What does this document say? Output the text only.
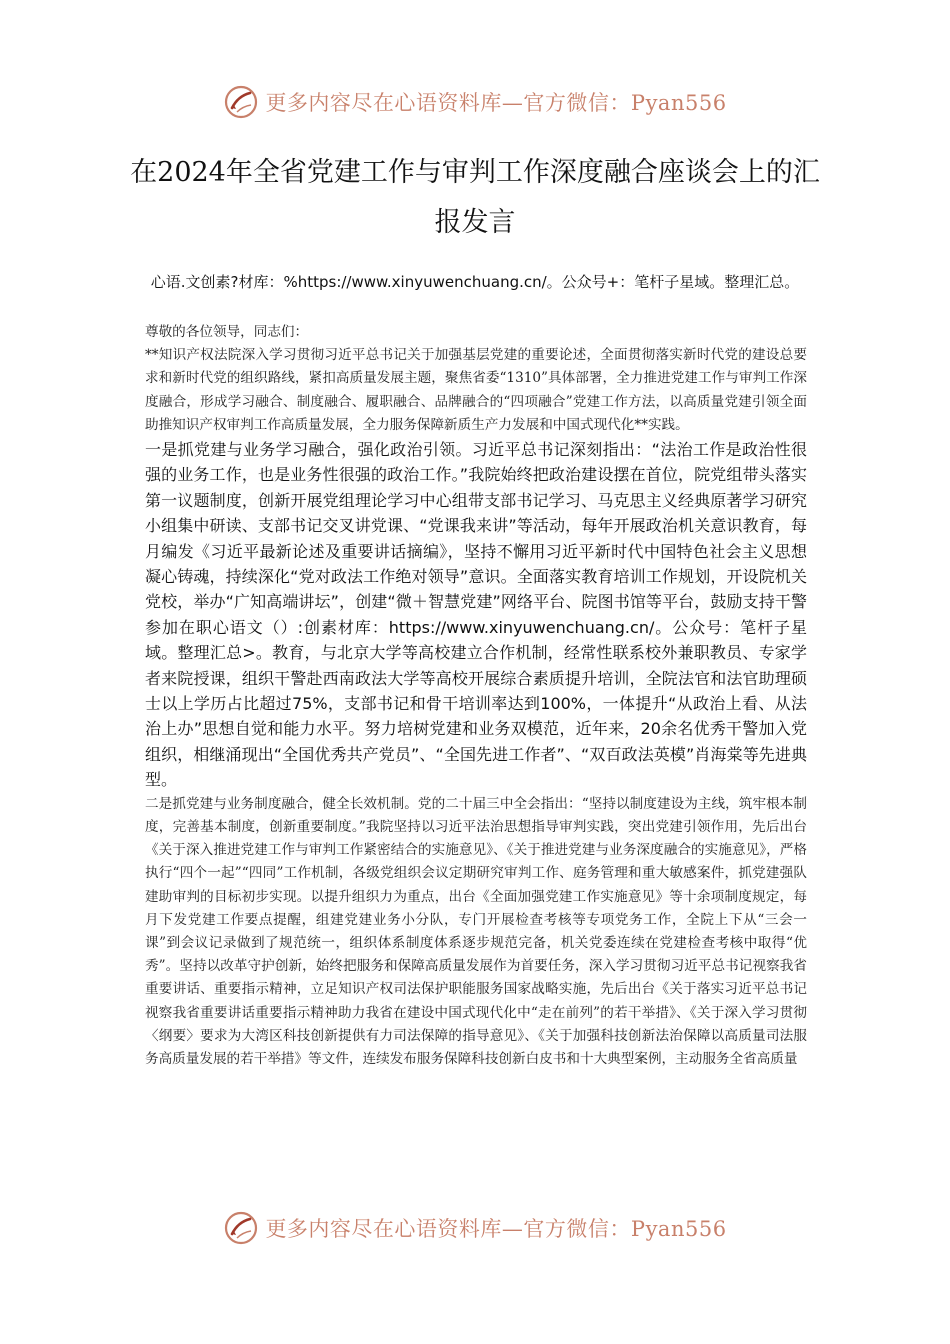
更多内容尽在心语资料库—官方微信：Pyan556
在2024年全省党建工作与审判工作深度融合座谈会上的汇报发言
心语.文创素?材库：%https://www.xinyuwenchuang.cn/。公众号+：笔杆子星域。整理汇总。

尊敬的各位领导，同志们：

**知识产权法院深入学习贯彻习近平总书记关于加强基层党建的重要论述，全面贯彻落实新时代党的建设总要求和新时代党的组织路线，紧扣高质量发展主题，聚焦省委“1310”具体部署，全力推进党建工作与审判工作深度融合，形成学习融合、制度融合、履职融合、品牌融合的“四项融合”党建工作方法，以高质量党建引领全面助推知识产权审判工作高质量发展，全力服务保障新质生产力发展和中国式现代化**实践。

一是抓党建与业务学习融合，强化政治引领。习近平总书记深刻指出：“法治工作是政治性很强的业务工作，也是业务性很强的政治工作。”我院始终把政治建设摆在首位，院党组带头落实第一议题制度，创新开展党组理论学习中心组带支部书记学习、马克思主义经典原著学习研究小组集中研读、支部书记交叉讲党课、“党课我来讲”等活动，每年开展政治机关意识教育，每月编发《习近平最新论述及重要讲话摘编》，坚持不懈用习近平新时代中国特色社会主义思想凝心铸魂，持续深化“党对政法工作绝对领导”意识。全面落实教育培训工作规划，开设院机关党校，举办“广知高端讲坛”，创建“微＋智慧党建”网络平台、院图书馆等平台，鼓励支持干警参加在职心语文（）:创素材库：https://www.xinyuwenchuang.cn/。公众号：笔杆子星域。整理汇总>。教育，与北京大学等高校建立合作机制，经常性联系校外兼职教员、专家学者来院授课，组织干警赴西南政法大学等高校开展综合素质提升培训，全院法官和法官助理硕士以上学历占比超过75%，支部书记和骨干培训率达到100%，一体提升“从政治上看、从法治上办”思想自觉和能力水平。努力培树党建和业务双模范，近年来，20余名优秀干警加入党组织，相继涌现出“全国优秀共产党员”、“全国先进工作者”、“双百政法英模”肖海棠等先进典型。

二是抓党建与业务制度融合，健全长效机制。党的二十届三中全会指出：“坚持以制度建设为主线，筑牢根本制度，完善基本制度，创新重要制度。”我院坚持以习近平法治思想指导审判实践，突出党建引领作用，先后出台《关于深入推进党建工作与审判工作紧密结合的实施意见》、《关于推进党建与业务深度融合的实施意见》，严格执行“四个一起”“四同”工作机制，各级党组织会议定期研究审判工作、庭务管理和重大敏感案件，抓党建强队建助审判的目标初步实现。以提升组织力为重点，出台《全面加强党建工作实施意见》等十余项制度规定，每月下发党建工作要点提醒，组建党建业务小分队，专门开展检查考核等专项党务工作，全院上下从“三会一课”到会议记录做到了规范统一，组织体系制度体系逐步规范完备，机关党委连续在党建检查考核中取得“优秀”。坚持以改革守护创新，始终把服务和保障高质量发展作为首要任务，深入学习贯彻习近平总书记视察我省重要讲话、重要指示精神，立足知识产权司法保护职能服务国家战略实施，先后出台《关于落实习近平总书记视察我省重要讲话重要指示精神助力我省在建设中国式现代化中“走在前列”的若干举措》、《关于深入学习贯彻〈纲要〉要求为大湾区科技创新提供有力司法保障的指导意见》、《关于加强科技创新法治保障以高质量司法服务高质量发展的若干举措》等文件，连续发布服务保障科技创新白皮书和十大典型案例，主动服务全省高质量

更多内容尽在心语资料库—官方微信：Pyan556
